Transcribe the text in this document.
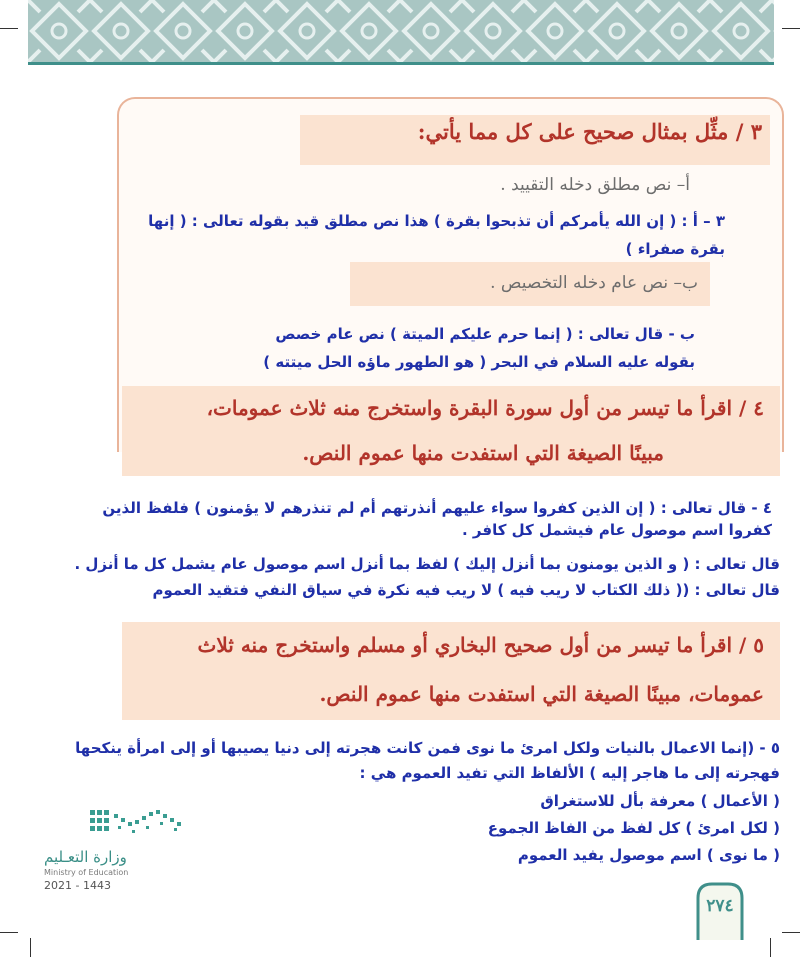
٣ / مثِّل بمثال صحيح على كل مما يأتي:
أ– نص مطلق دخله التقييد .
٣ – أ : ( إن الله يأمركم أن تذبحوا بقرة ) هذا نص مطلق قيد بقوله تعالى : ( إنها بقرة صفراء )
ب– نص عام دخله التخصيص .
ب - قال تعالى : ( إنما حرم عليكم الميتة ) نص عام خصص بقوله عليه السلام في البحر ( هو الطهور ماؤه الحل ميتته )
٤ / اقرأ ما تيسر من أول سورة البقرة واستخرج منه ثلاث عمومات،
مبينًا الصيغة التي استفدت منها عموم النص.
٤ - قال تعالى : ( إن الذين كفروا سواء عليهم أنذرتهم أم لم تنذرهم لا يؤمنون ) فلفظ الذين كفروا اسم موصول عام فيشمل كل كافر .
قال تعالى : ( و الذين يومنون بما أنزل إليك ) لفظ بما أنزل اسم موصول عام يشمل كل ما أنزل .
قال تعالى : (( ذلك الكتاب لا ريب فيه ) لا ريب فيه نكرة في سياق النفي فتقيد العموم
٥ / اقرأ ما تيسر من أول صحيح البخاري أو مسلم واستخرج منه ثلاث
عمومات، مبينًا الصيغة التي استفدت منها عموم النص.
٥ - (إنما الاعمال بالنيات ولكل امرئ ما نوى فمن كانت هجرته إلى دنيا يصيبها أو إلى امرأة ينكحها فهجرته إلى ما هاجر إليه ) الألفاظ التي تفيد العموم هي :
( الأعمال ) معرفة بأل للاستغراق
( لكل امرئ ) كل لفظ من الفاظ الجموع
( ما نوى ) اسم موصول يفيد العموم
وزارة التعـليم
Ministry of Education
2021 - 1443
٢٧٤
